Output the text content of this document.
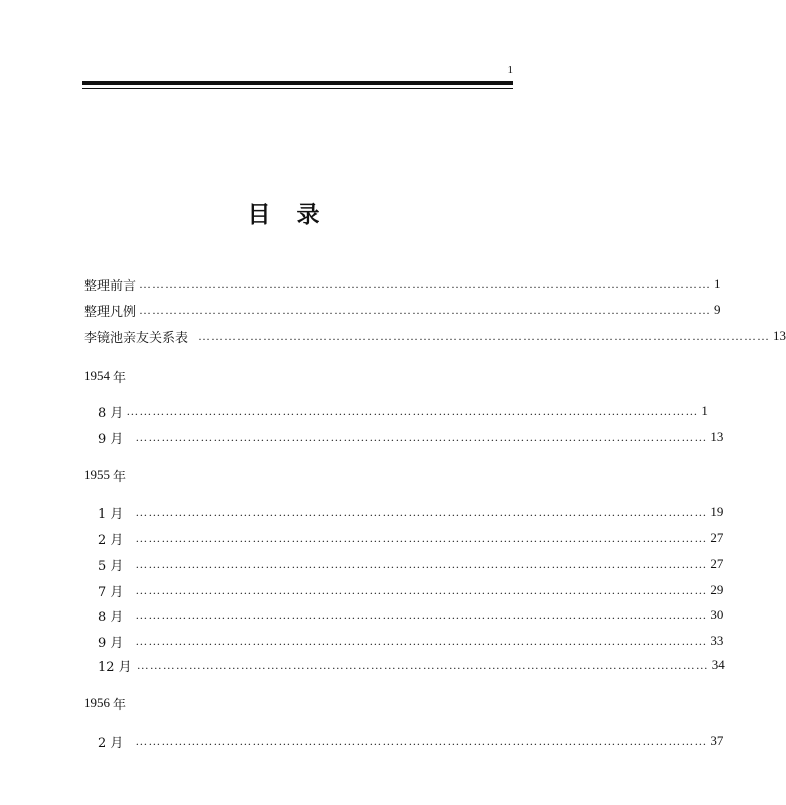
1
目录
整理前言 …………………………………………………………………………………………………………………… 1
整理凡例 …………………………………………………………………………………………………………………… 9
李镜池亲友关系表 …………………………………………………………………………………………………………………… 13
1954 年
8 月 …………………………………………………………………………………………………………………… 1
9 月 …………………………………………………………………………………………………………………… 13
1955 年
1 月 …………………………………………………………………………………………………………………… 19
2 月 …………………………………………………………………………………………………………………… 27
5 月 …………………………………………………………………………………………………………………… 27
7 月 …………………………………………………………………………………………………………………… 29
8 月 …………………………………………………………………………………………………………………… 30
9 月 …………………………………………………………………………………………………………………… 33
12 月 …………………………………………………………………………………………………………………… 34
1956 年
2 月 …………………………………………………………………………………………………………………… 37
